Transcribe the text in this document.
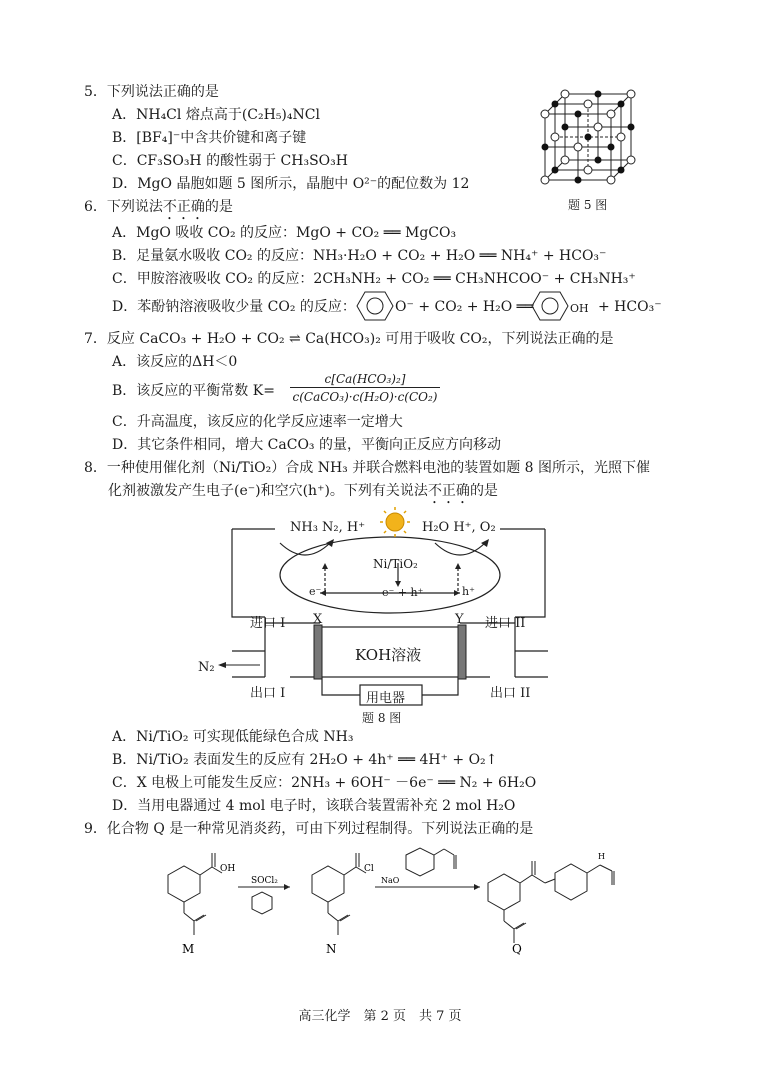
5．下列说法正确的是
A．NH₄Cl 熔点高于(C₂H₅)₄NCl
B．[BF₄]⁻中含共价键和离子键
C．CF₃SO₃H 的酸性弱于 CH₃SO₃H
D．MgO 晶胞如题 5 图所示，晶胞中 O²⁻的配位数为 12
题 5 图
6．下列说法不正确的是
A．MgO 吸收 CO₂ 的反应：MgO + CO₂ ══ MgCO₃
B．足量氨水吸收 CO₂ 的反应：NH₃·H₂O + CO₂ + H₂O ══ NH₄⁺ + HCO₃⁻
C．甲胺溶液吸收 CO₂ 的反应：2CH₃NH₂ + CO₂ ══ CH₃NHCOO⁻ + CH₃NH₃⁺
D．苯酚钠溶液吸收少量 CO₂ 的反应：	O⁻ + CO₂ + H₂O ══	OH + HCO₃⁻
7．反应 CaCO₃ + H₂O + CO₂ ⇌ Ca(HCO₃)₂ 可用于吸收 CO₂，下列说法正确的是
A．该反应的ΔH＜0
B．该反应的平衡常数 K=
c[Ca(HCO₃)₂]
c(CaCO₃)·c(H₂O)·c(CO₂)
C．升高温度，该反应的化学反应速率一定增大
D．其它条件相同，增大 CaCO₃ 的量，平衡向正反应方向移动
8．一种使用催化剂（Ni/TiO₂）合成 NH₃ 并联合燃料电池的装置如题 8 图所示，光照下催
化剂被激发产生电子(e⁻)和空穴(h⁺)。下列有关说法不正确的是
NH₃ N₂, H⁺	H₂O H⁺, O₂
Ni/TiO₂
e⁻	e⁻ + h⁺	h⁺
进口 I X	Y 进口 II
KOH溶液
N₂
出口 I	用电器	出口 II
题 8 图
A．Ni/TiO₂ 可实现低能绿色合成 NH₃
B．Ni/TiO₂ 表面发生的反应有 2H₂O + 4h⁺ ══ 4H⁺ + O₂↑
C．X 电极上可能发生反应：2NH₃ + 6OH⁻ －6e⁻ ══ N₂ + 6H₂O
D．当用电器通过 4 mol 电子时，该联合装置需补充 2 mol H₂O
9．化合物 Q 是一种常见消炎药，可由下列过程制得。下列说法正确的是
OH	Cl
SOCl₂	NaO
H
M	N	Q
高三化学　第 2 页　共 7 页
